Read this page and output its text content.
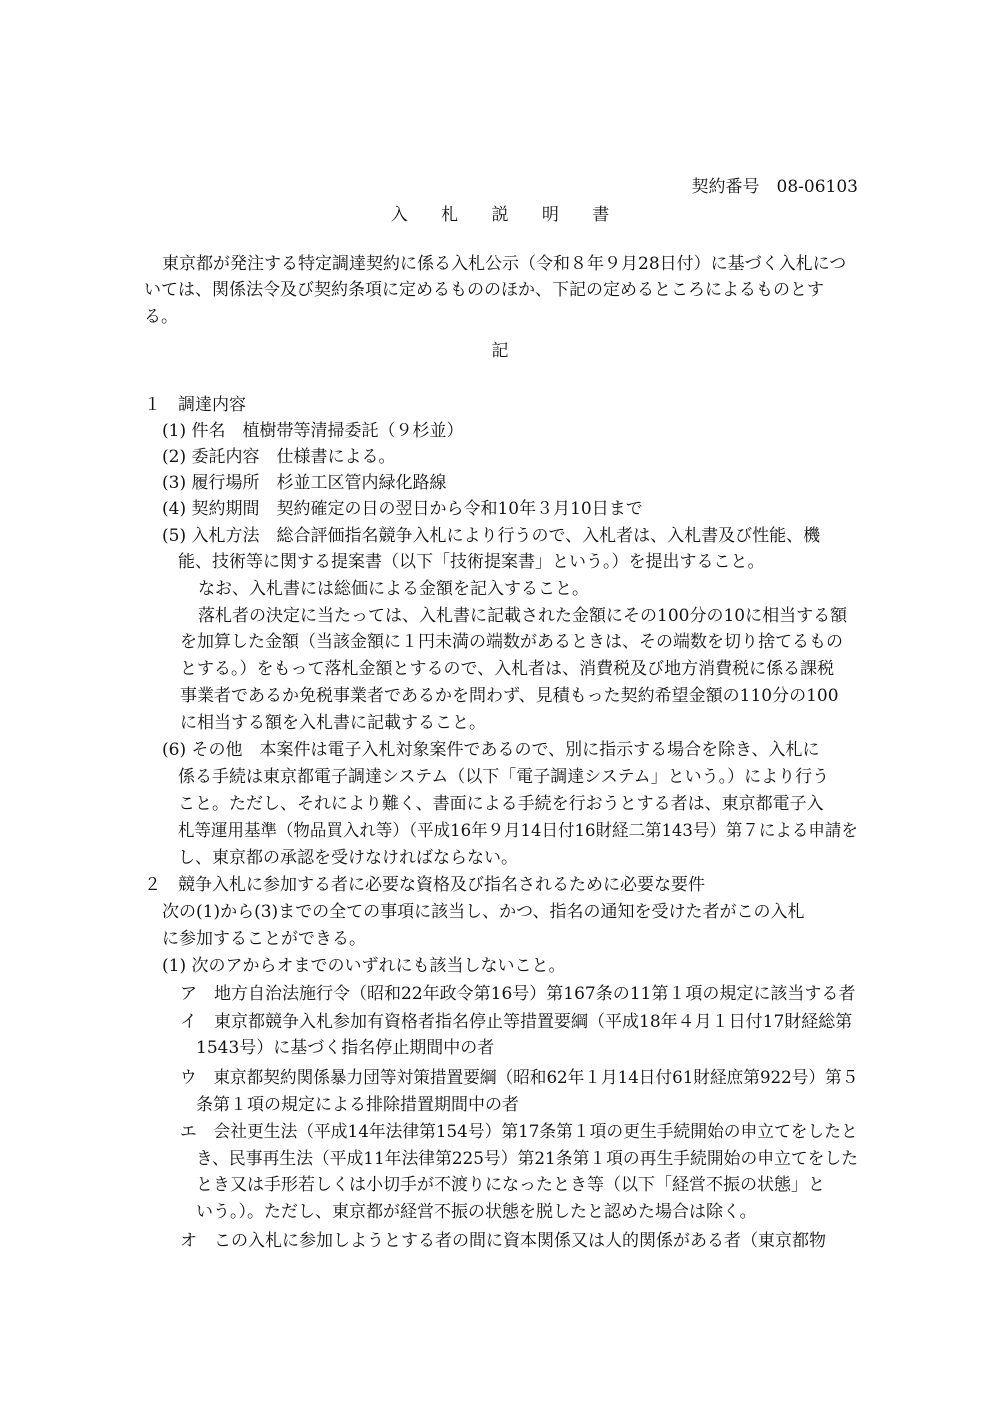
契約番号　08-06103
入 札 説 明 書
東京都が発注する特定調達契約に係る入札公示（令和８年９月28日付）に基づく入札につ
いては、関係法令及び契約条項に定めるもののほか、下記の定めるところによるものとす
る。
記
１　調達内容
(1) 件名　植樹帯等清掃委託（９杉並）
(2) 委託内容　仕様書による。
(3) 履行場所　杉並工区管内緑化路線
(4) 契約期間　契約確定の日の翌日から令和10年３月10日まで
(5) 入札方法　総合評価指名競争入札により行うので、入札者は、入札書及び性能、機
能、技術等に関する提案書（以下「技術提案書」という。）を提出すること。
なお、入札書には総価による金額を記入すること。
落札者の決定に当たっては、入札書に記載された金額にその100分の10に相当する額
を加算した金額（当該金額に１円未満の端数があるときは、その端数を切り捨てるもの
とする。）をもって落札金額とするので、入札者は、消費税及び地方消費税に係る課税
事業者であるか免税事業者であるかを問わず、見積もった契約希望金額の110分の100
に相当する額を入札書に記載すること。
(6) その他　本案件は電子入札対象案件であるので、別に指示する場合を除き、入札に
係る手続は東京都電子調達システム（以下「電子調達システム」という。）により行う
こと。ただし、それにより難く、書面による手続を行おうとする者は、東京都電子入
札等運用基準（物品買入れ等）（平成16年９月14日付16財経二第143号）第７による申請を
し、東京都の承認を受けなければならない。
２　競争入札に参加する者に必要な資格及び指名されるために必要な要件
次の(1)から(3)までの全ての事項に該当し、かつ、指名の通知を受けた者がこの入札
に参加することができる。
(1) 次のアからオまでのいずれにも該当しないこと。
ア　地方自治法施行令（昭和22年政令第16号）第167条の11第１項の規定に該当する者
イ　東京都競争入札参加有資格者指名停止等措置要綱（平成18年４月１日付17財経総第
1543号）に基づく指名停止期間中の者
ウ　東京都契約関係暴力団等対策措置要綱（昭和62年１月14日付61財経庶第922号）第５
条第１項の規定による排除措置期間中の者
エ　会社更生法（平成14年法律第154号）第17条第１項の更生手続開始の申立てをしたと
き、民事再生法（平成11年法律第225号）第21条第１項の再生手続開始の申立てをした
とき又は手形若しくは小切手が不渡りになったとき等（以下「経営不振の状態」と
いう。）。ただし、東京都が経営不振の状態を脱したと認めた場合は除く。
オ　この入札に参加しようとする者の間に資本関係又は人的関係がある者（東京都物
